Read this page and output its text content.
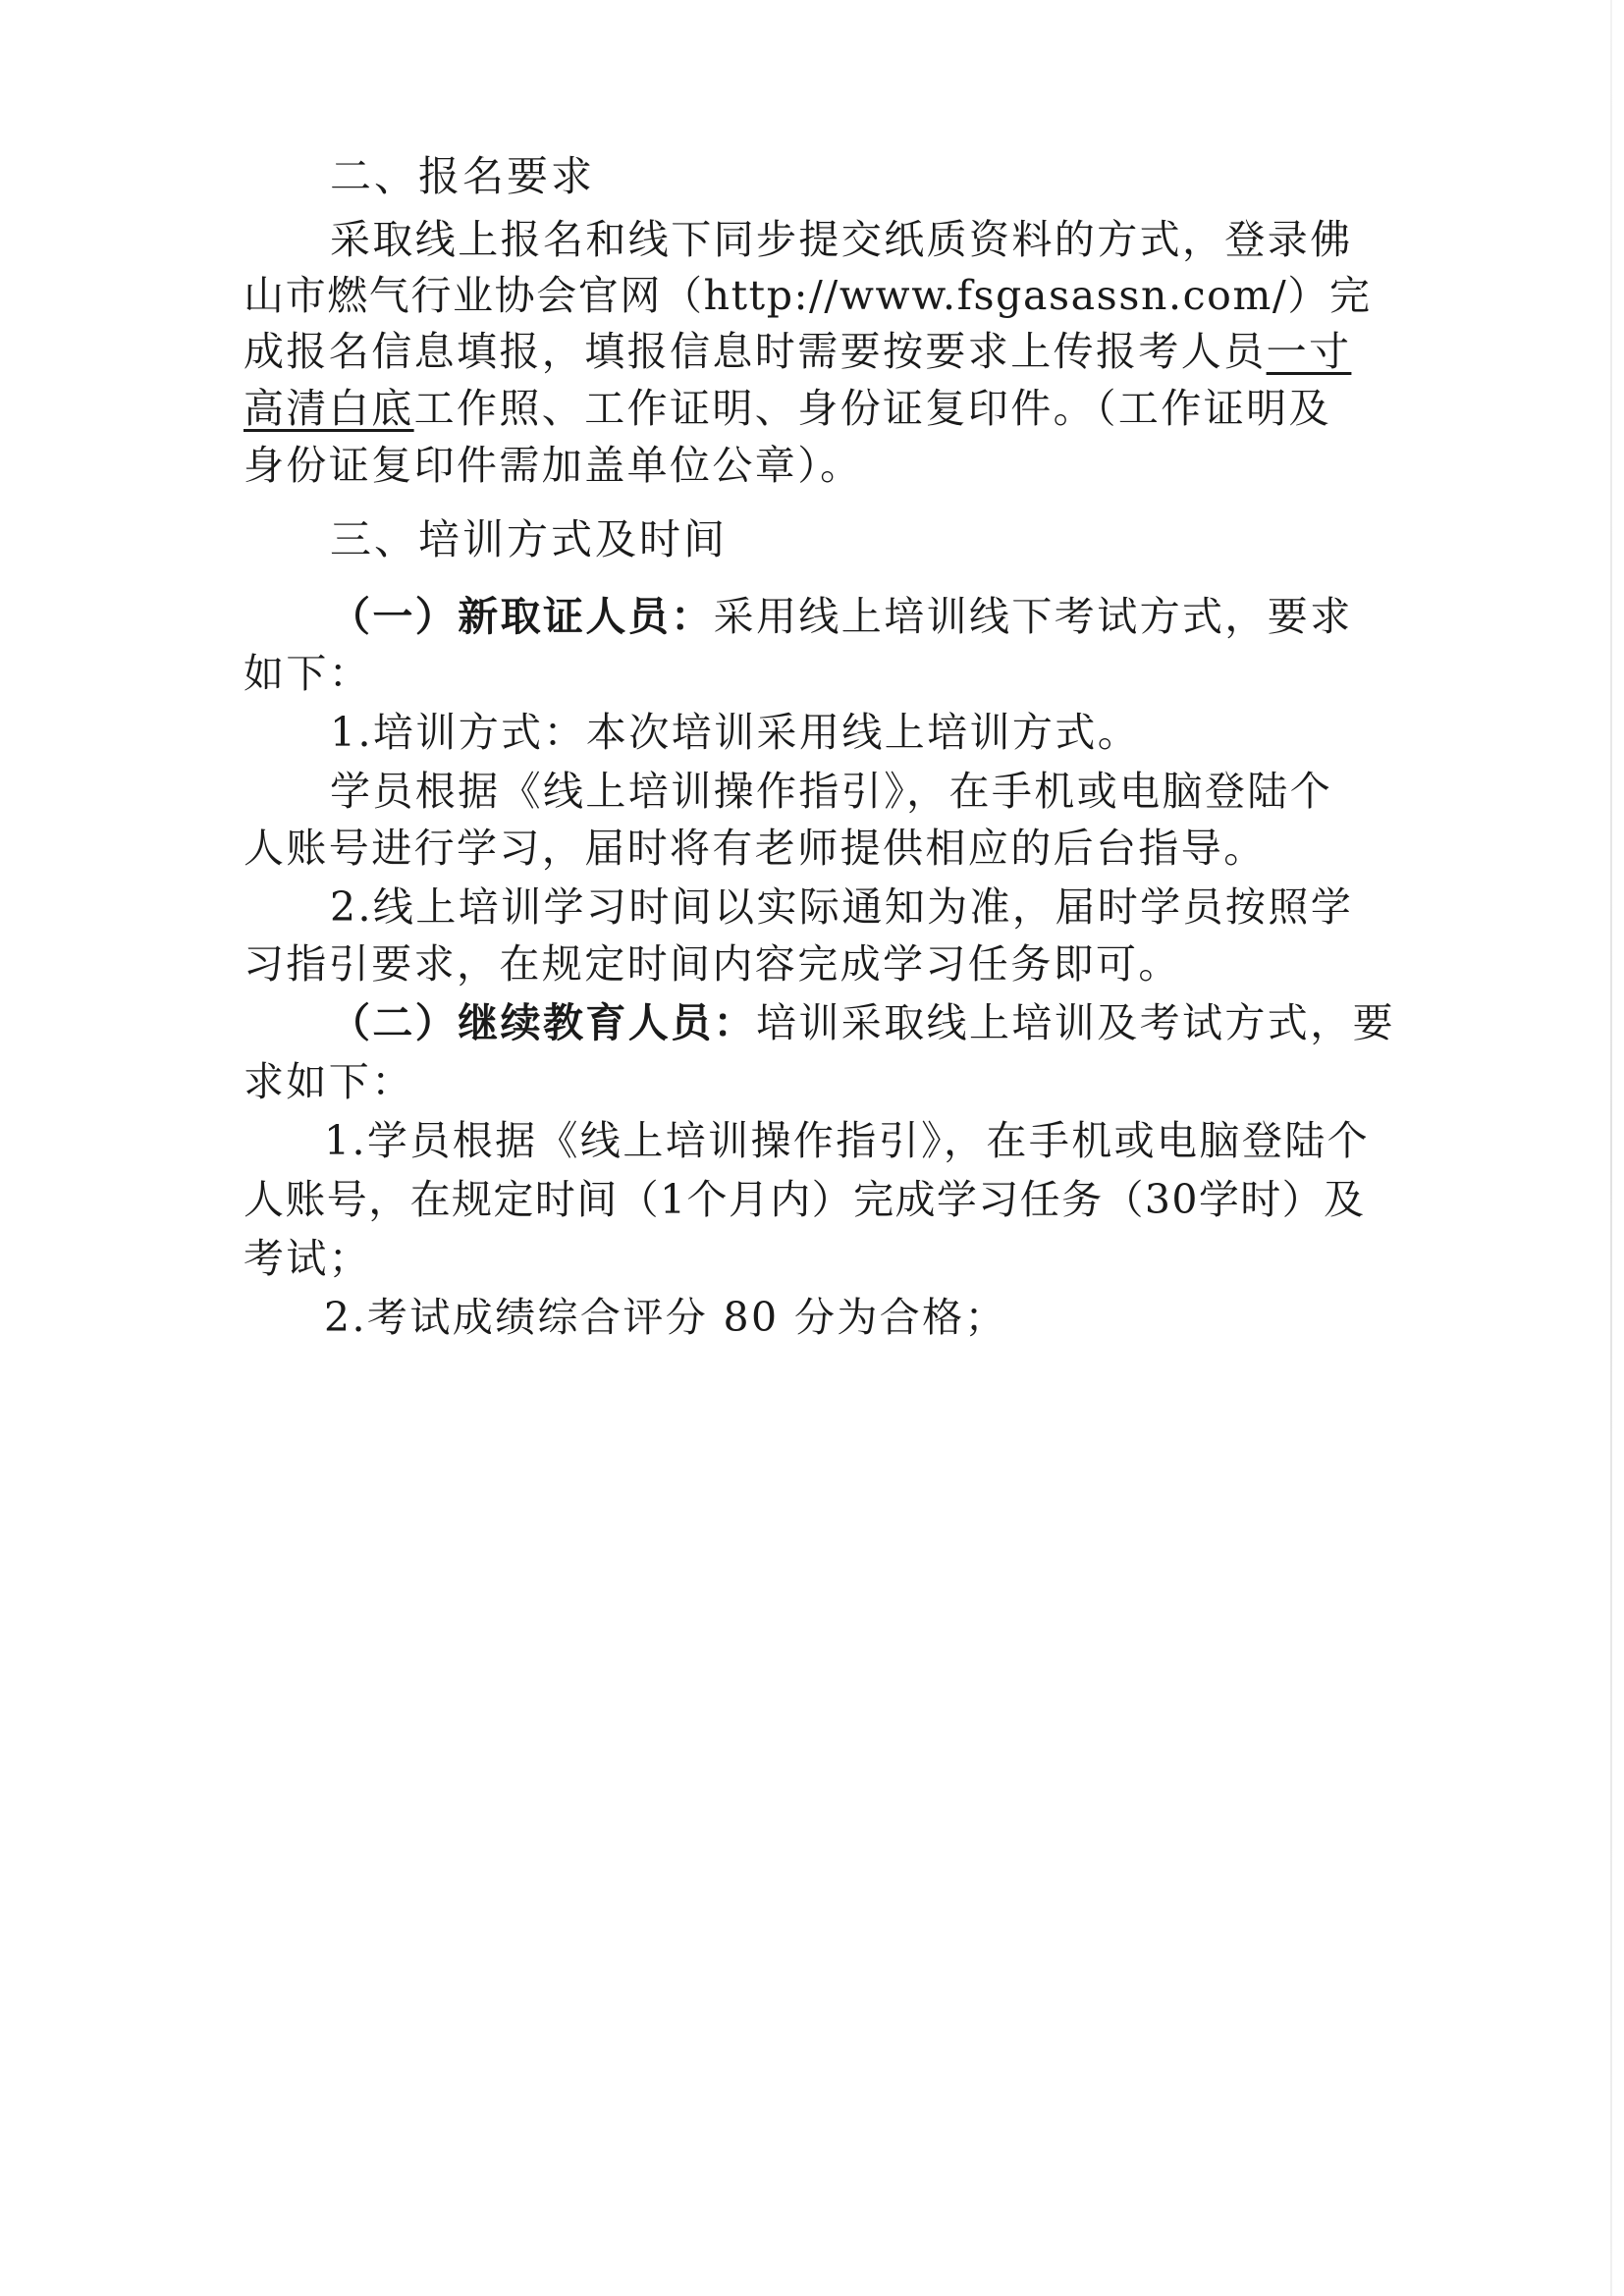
二、报名要求
采取线上报名和线下同步提交纸质资料的方式，登录佛
山市燃气行业协会官网（http://www.fsgasassn.com/）完
成报名信息填报，填报信息时需要按要求上传报考人员一寸
高清白底工作照、工作证明、身份证复印件。（工作证明及
身份证复印件需加盖单位公章）。
三、培训方式及时间
（一）新取证人员：采用线上培训线下考试方式，要求
如下：
1.培训方式：本次培训采用线上培训方式。
学员根据《线上培训操作指引》，在手机或电脑登陆个
人账号进行学习，届时将有老师提供相应的后台指导。
2.线上培训学习时间以实际通知为准，届时学员按照学
习指引要求，在规定时间内容完成学习任务即可。
（二）继续教育人员：培训采取线上培训及考试方式，要
求如下：
1.学员根据《线上培训操作指引》，在手机或电脑登陆个
人账号，在规定时间（1个月内）完成学习任务（30学时）及
考试；
2.考试成绩综合评分 80 分为合格；
